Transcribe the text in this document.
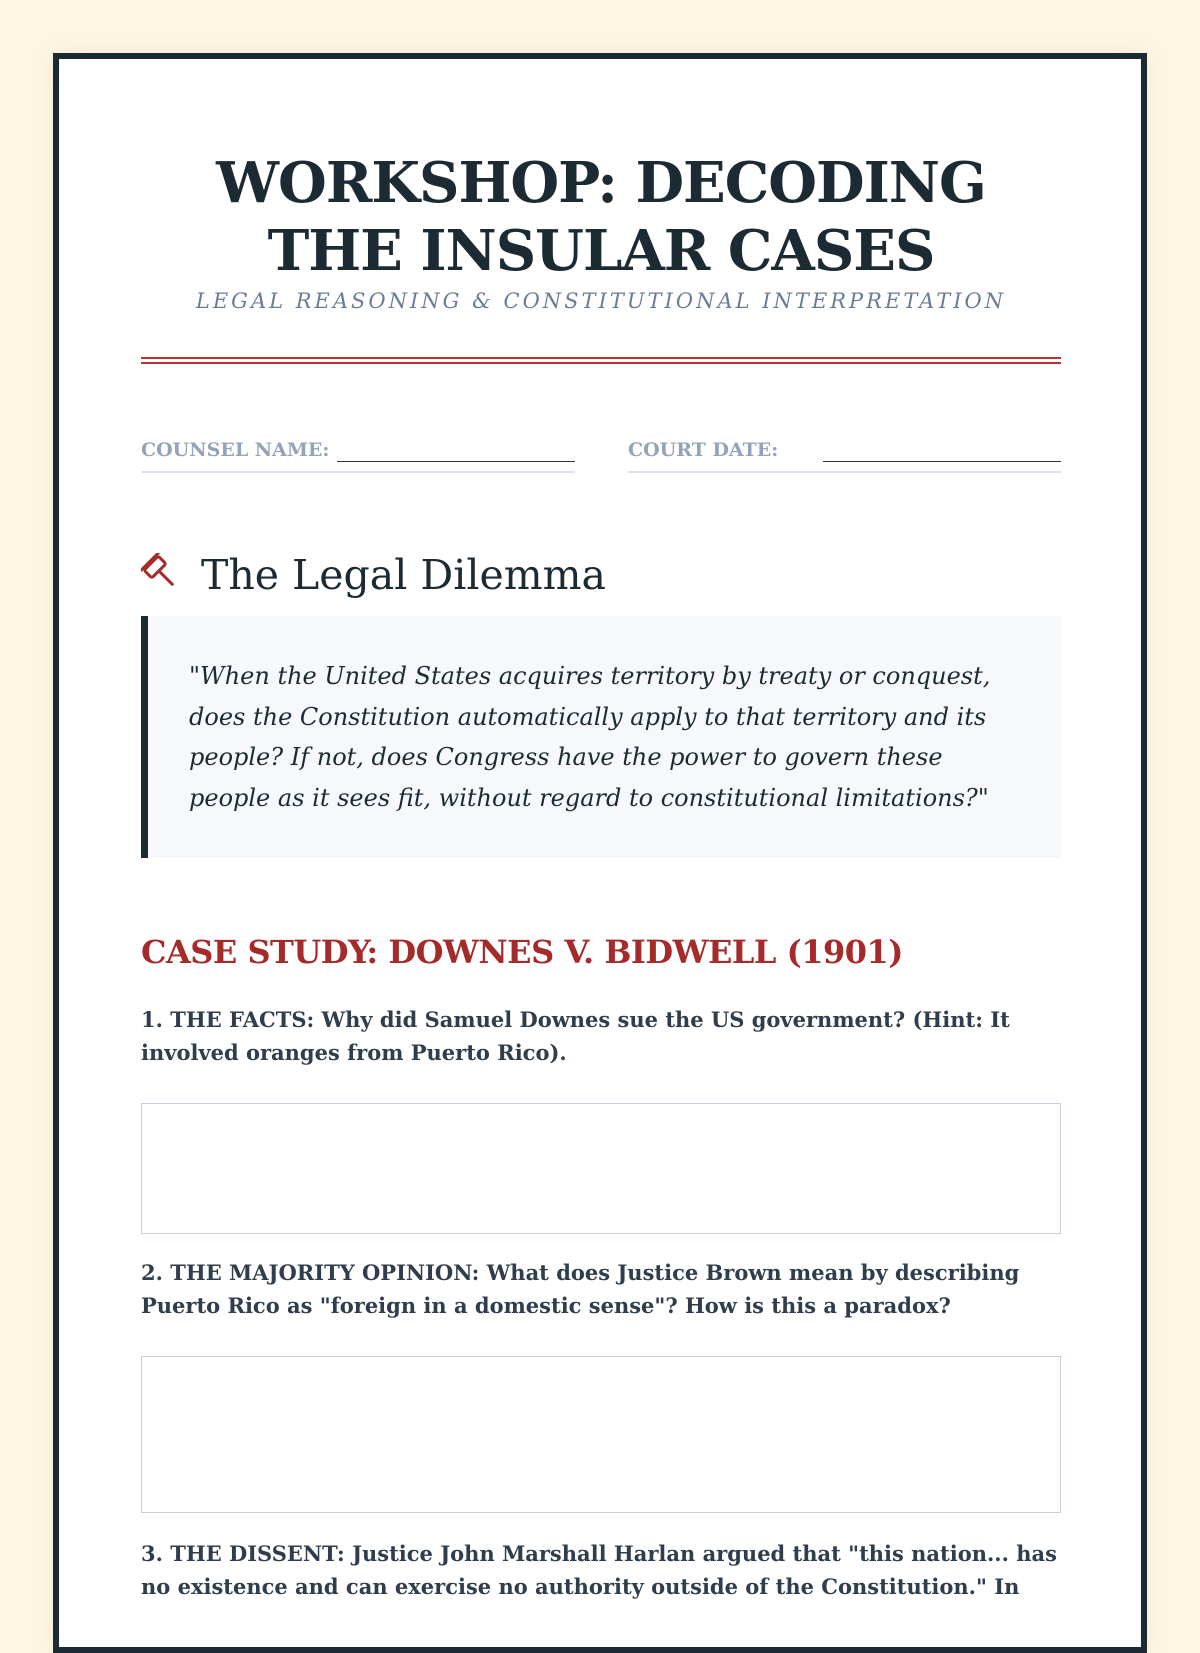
WORKSHOP: DECODING THE INSULAR CASES
LEGAL REASONING & CONSTITUTIONAL INTERPRETATION
COUNSEL NAME:	COURT DATE:
The Legal Dilemma

"When the United States acquires territory by treaty or conquest, does the Constitution automatically apply to that territory and its people? If not, does Congress have the power to govern these people as it sees fit, without regard to constitutional limitations?"

CASE STUDY: DOWNES V. BIDWELL (1901)

1. THE FACTS: Why did Samuel Downes sue the US government? (Hint: It involved oranges from Puerto Rico).

2. THE MAJORITY OPINION: What does Justice Brown mean by describing Puerto Rico as "foreign in a domestic sense"? How is this a paradox?

3. THE DISSENT: Justice John Marshall Harlan argued that "this nation... has no existence and can exercise no authority outside of the Constitution." In
